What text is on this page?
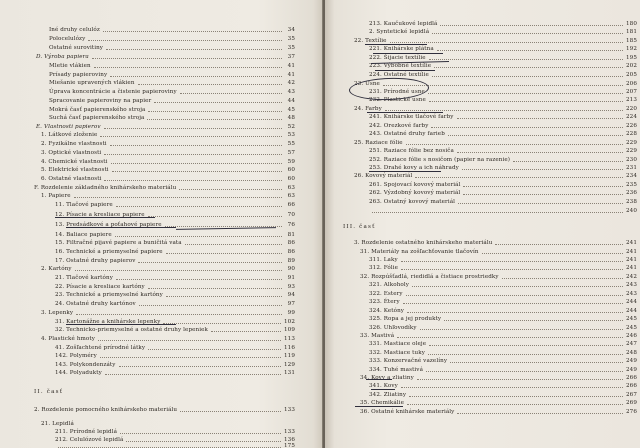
Iné druhy celulóz	34
Polocelulózy	35
Ostatné surovitiny	35
D. Výroba papiera	37
Mletie vlákien	41
Prísady papieroviny	41
Miešanie upravených vlákien	42
Úprava koncentrácie a čistenie papieroviny	43
Spracovanie papieroviny na papier	44
Mokrá časť papierenského stroja	45
Suchá časť papierenského stroja	48
E. Vlastnosti papierov	52
1. Látkové zloženie	53
2. Fyzikálne vlastnosti	55
3. Optické vlastnosti	57
4. Chemické vlastnosti	59
5. Elektrické vlastnosti	60
6. Ostatné vlastnosti	60
F. Rozdelenie základného knihárskeho materiálu	63
1. Papiere	63
11. Tlačové papiere	66
12. Písacie a kresliace papiere	70
13. Predsádkové a poťahové papiere	76
14. Baliace papiere	81
15. Filtračné pijavé papiere a buničitá vata	86
16. Technické a priemyselné papiere	86
17. Ostatné druhy papierov	89
2. Kartóny	90
21. Tlačové kartóny	91
22. Písacie a kresliace kartóny	93
23. Technické a priemyselné kartóny	94
24. Ostatné druhy kartónov	97
3. Lepenky	99
31. Kartonážne a knihárske lepenky	102
32. Technicko-priemyselné a ostatné druhy lepeniek	109
4. Plastické hmoty	113
41. Zošľachtené prírodné látky	116
142. Polyméry	119
143. Polykondenzáty	129
144. Polyadukty	131
II. časť
2. Rozdelenie pomocného knihárskeho materiálu	133
21. Lepidlá
211. Prírodné lepidlá	133
212. Celulózové lepidlá	136
175
213. Kaučukové lepidlá	180
2. Syntetické lepidlá	181
22. Textílie	185
221. Knihárske plátna	192
222. Šijacie textílie	195
223. Výbobné textílie	202
224. Ostatné textílie	205
23. Usne	206
231. Prírodné usne	207
232. Plastické usne	213
24. Farby	220
241. Knihárske tlačové farby	224
242. Orezkové farby	226
243. Ostatné druhy farieb	228
25. Raziace fólie	229
251. Raziace fólie bez nosiča	229
252. Raziace fólie s nosičom (papier na razenie)	230
253. Drahé kovy a ich náhrady	231
26. Kovový materiál	234
261. Spojovací kovový materiál	235
262. Výzdobný kovový materiál	236
263. Ostatný kovový materiál	238
240
III. časť
3. Rozdelenie ostatného knihárskeho materiálu	241
31. Materiály na zošľachťovanie tlačovín	241
311. Laky	241
312. Fólie	241
32. Rozpúšťadlá, riedidlá a čistiace prostriedky	242
321. Alkoholy	243
322. Estery	243
323. Étery	244
324. Ketóny	244
325. Ropa a jej produkty	245
326. Uhľovodíky	245
33. Mastivá	246
331. Mastiace oleje	247
332. Mastiace tuky	248
333. Konzervačné vazelíny	249
334. Tuhé mastivá	249
34. Kovy a zliatiny	266
341. Kovy	266
342. Zliatiny	267
35. Chemikálie	269
36. Ostatné knihárske materiály	276
